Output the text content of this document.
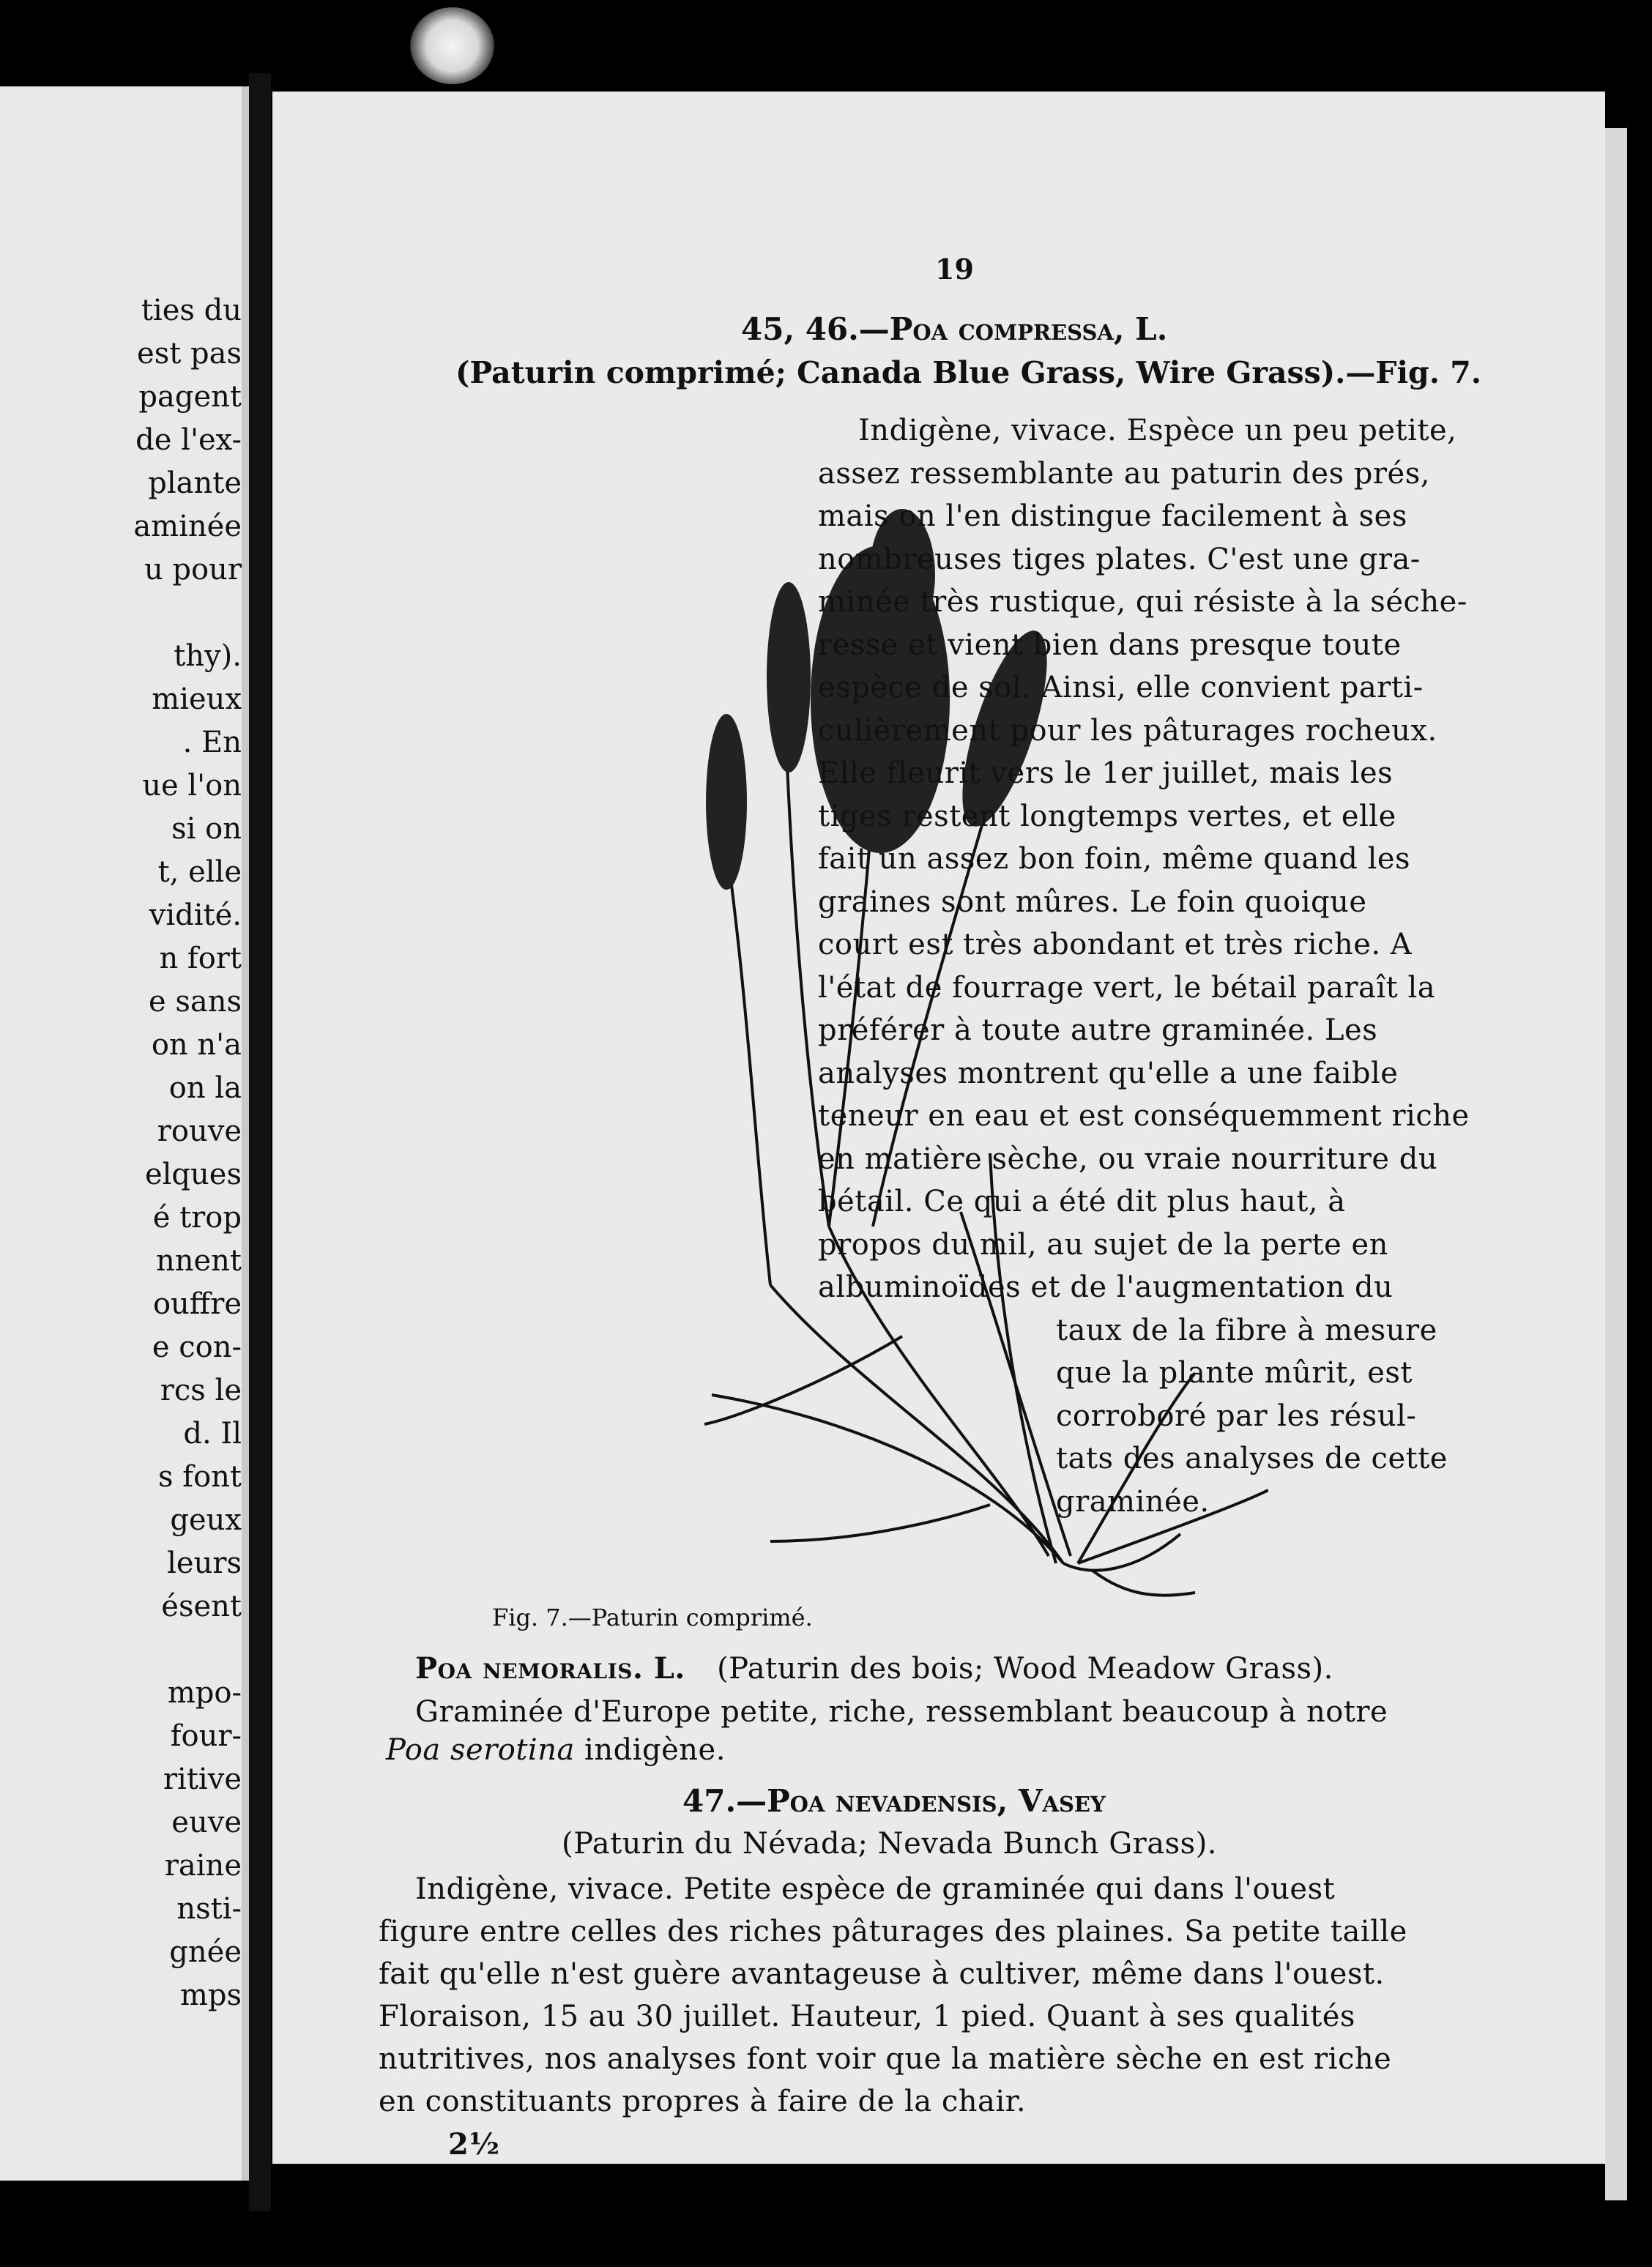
ties du
est pas
pagent
de l'ex-
plante
aminée
u pour
thy).
mieux
. En
ue l'on
si on
t, elle
vidité.
n fort
e sans
on n'a
on la
rouve
elques
é trop
nnent
ouffre
e con-
rcs le
d. Il
s font
geux
leurs
ésent
mpo-
four-
ritive
euve
raine
nsti-
gnée
mps
19
45, 46.—Poa compressa, L.
(Paturin comprimé; Canada Blue Grass, Wire Grass).—Fig. 7.
Indigène, vivace. Espèce un peu petite,
assez ressemblante au paturin des prés,
mais on l'en distingue facilement à ses
nombreuses tiges plates. C'est une gra-
minée très rustique, qui résiste à la séche-
resse et vient bien dans presque toute
espèce de sol. Ainsi, elle convient parti-
culièrement pour les pâturages rocheux.
Elle fleurit vers le 1er juillet, mais les
tiges restent longtemps vertes, et elle
fait un assez bon foin, même quand les
graines sont mûres. Le foin quoique
court est très abondant et très riche. A
l'état de fourrage vert, le bétail paraît la
préférer à toute autre graminée. Les
analyses montrent qu'elle a une faible
teneur en eau et est conséquemment riche
en matière sèche, ou vraie nourriture du
bétail. Ce qui a été dit plus haut, à
propos du mil, au sujet de la perte en
albuminoïdes et de l'augmentation du
taux de la fibre à mesure
que la plante mûrit, est
corroboré par les résul-
tats des analyses de cette
graminée.
Fig. 7.—Paturin comprimé.
Poa nemoralis. L. (Paturin des bois; Wood Meadow Grass).
Graminée d'Europe petite, riche, ressemblant beaucoup à notre
Poa serotina indigène.
47.—Poa nevadensis, Vasey
(Paturin du Névada; Nevada Bunch Grass).
Indigène, vivace. Petite espèce de graminée qui dans l'ouest
figure entre celles des riches pâturages des plaines. Sa petite taille
fait qu'elle n'est guère avantageuse à cultiver, même dans l'ouest.
Floraison, 15 au 30 juillet. Hauteur, 1 pied. Quant à ses qualités
nutritives, nos analyses font voir que la matière sèche en est riche
en constituants propres à faire de la chair.
2½
